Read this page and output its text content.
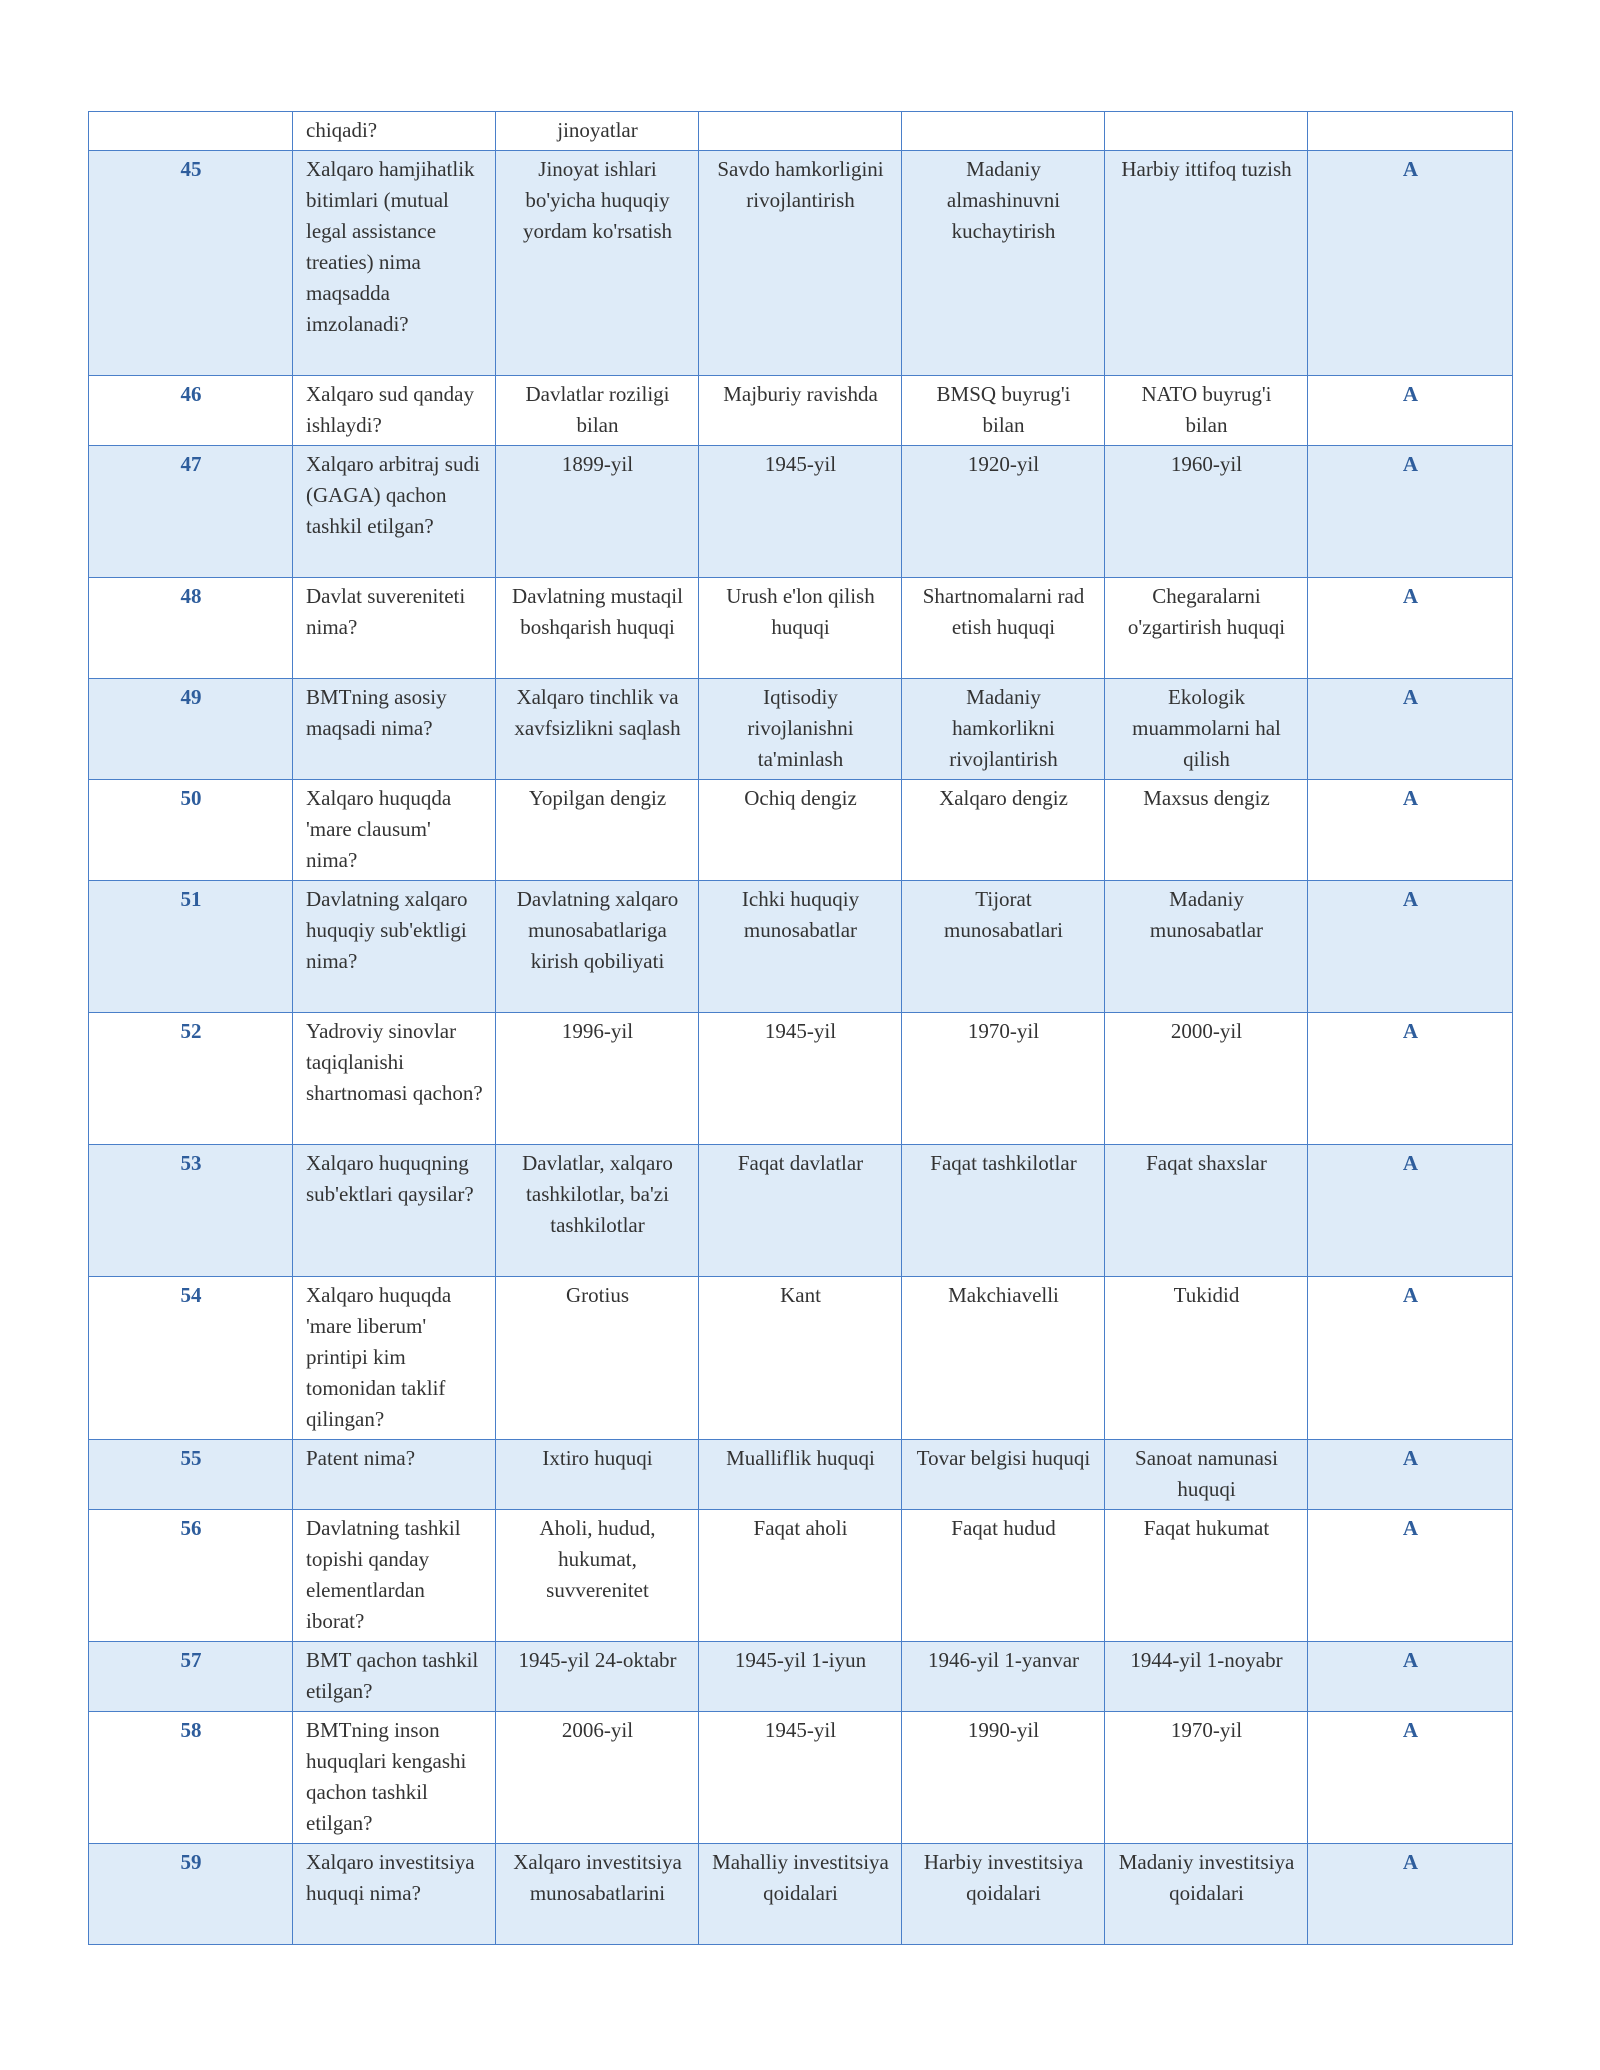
	chiqadi?	jinoyatlar				
45	Xalqaro hamjihatlik bitimlari (mutual legal assistance treaties) nima maqsadda imzolanadi?	Jinoyat ishlari bo'yicha huquqiy yordam ko'rsatish	Savdo hamkorligini rivojlantirish	Madaniy almashinuvni kuchaytirish	Harbiy ittifoq tuzish	A
46	Xalqaro sud qanday ishlaydi?	Davlatlar roziligi bilan	Majburiy ravishda	BMSQ buyrug'i bilan	NATO buyrug'i bilan	A
47	Xalqaro arbitraj sudi (GAGA) qachon tashkil etilgan?	1899-yil	1945-yil	1920-yil	1960-yil	A
48	Davlat suvereniteti nima?	Davlatning mustaqil boshqarish huquqi	Urush e'lon qilish huquqi	Shartnomalarni rad etish huquqi	Chegaralarni o'zgartirish huquqi	A
49	BMTning asosiy maqsadi nima?	Xalqaro tinchlik va xavfsizlikni saqlash	Iqtisodiy rivojlanishni ta'minlash	Madaniy hamkorlikni rivojlantirish	Ekologik muammolarni hal qilish	A
50	Xalqaro huquqda 'mare clausum' nima?	Yopilgan dengiz	Ochiq dengiz	Xalqaro dengiz	Maxsus dengiz	A
51	Davlatning xalqaro huquqiy sub'ektligi nima?	Davlatning xalqaro munosabatlariga kirish qobiliyati	Ichki huquqiy munosabatlar	Tijorat munosabatlari	Madaniy munosabatlar	A
52	Yadroviy sinovlar taqiqlanishi shartnomasi qachon?	1996-yil	1945-yil	1970-yil	2000-yil	A
53	Xalqaro huquqning sub'ektlari qaysilar?	Davlatlar, xalqaro tashkilotlar, ba'zi tashkilotlar	Faqat davlatlar	Faqat tashkilotlar	Faqat shaxslar	A
54	Xalqaro huquqda 'mare liberum' printipi kim tomonidan taklif qilingan?	Grotius	Kant	Makchiavelli	Tukidid	A
55	Patent nima?	Ixtiro huquqi	Mualliflik huquqi	Tovar belgisi huquqi	Sanoat namunasi huquqi	A
56	Davlatning tashkil topishi qanday elementlardan iborat?	Aholi, hudud, hukumat, suvverenitet	Faqat aholi	Faqat hudud	Faqat hukumat	A
57	BMT qachon tashkil etilgan?	1945-yil 24-oktabr	1945-yil 1-iyun	1946-yil 1-yanvar	1944-yil 1-noyabr	A
58	BMTning inson huquqlari kengashi qachon tashkil etilgan?	2006-yil	1945-yil	1990-yil	1970-yil	A
59	Xalqaro investitsiya huquqi nima?	Xalqaro investitsiya munosabatlarini	Mahalliy investitsiya qoidalari	Harbiy investitsiya qoidalari	Madaniy investitsiya qoidalari	A
